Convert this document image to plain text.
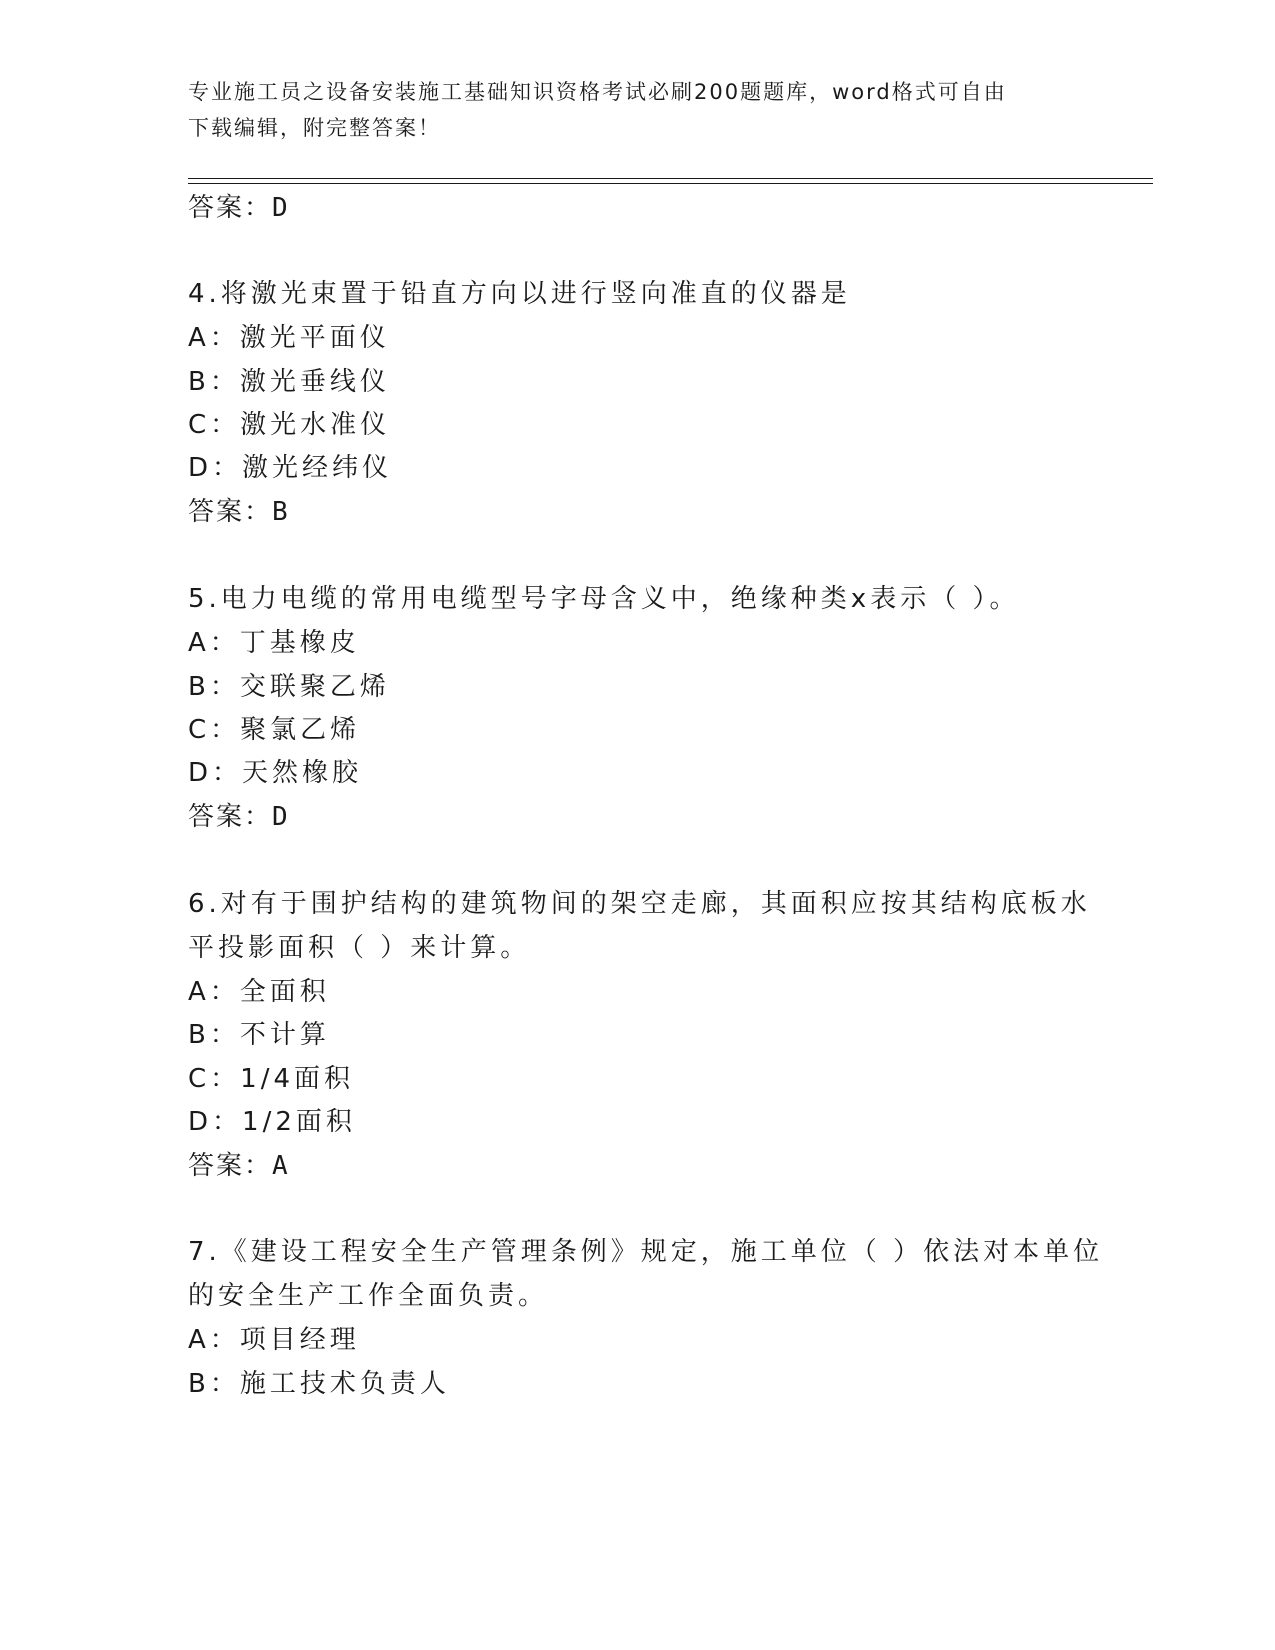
专业施工员之设备安装施工基础知识资格考试必刷200题题库，word格式可自由
下载编辑，附完整答案！
答案：D
4.将激光束置于铅直方向以进行竖向准直的仪器是
A：激光平面仪
B：激光垂线仪
C：激光水准仪
D：激光经纬仪
答案：B
5.电力电缆的常用电缆型号字母含义中，绝缘种类x表示（ ）。
A：丁基橡皮
B：交联聚乙烯
C：聚氯乙烯
D：天然橡胶
答案：D
6.对有于围护结构的建筑物间的架空走廊，其面积应按其结构底板水
平投影面积（ ）来计算。
A：全面积
B：不计算
C：1/4面积
D：1/2面积
答案：A
7.《建设工程安全生产管理条例》规定，施工单位（ ）依法对本单位
的安全生产工作全面负责。
A：项目经理
B：施工技术负责人
